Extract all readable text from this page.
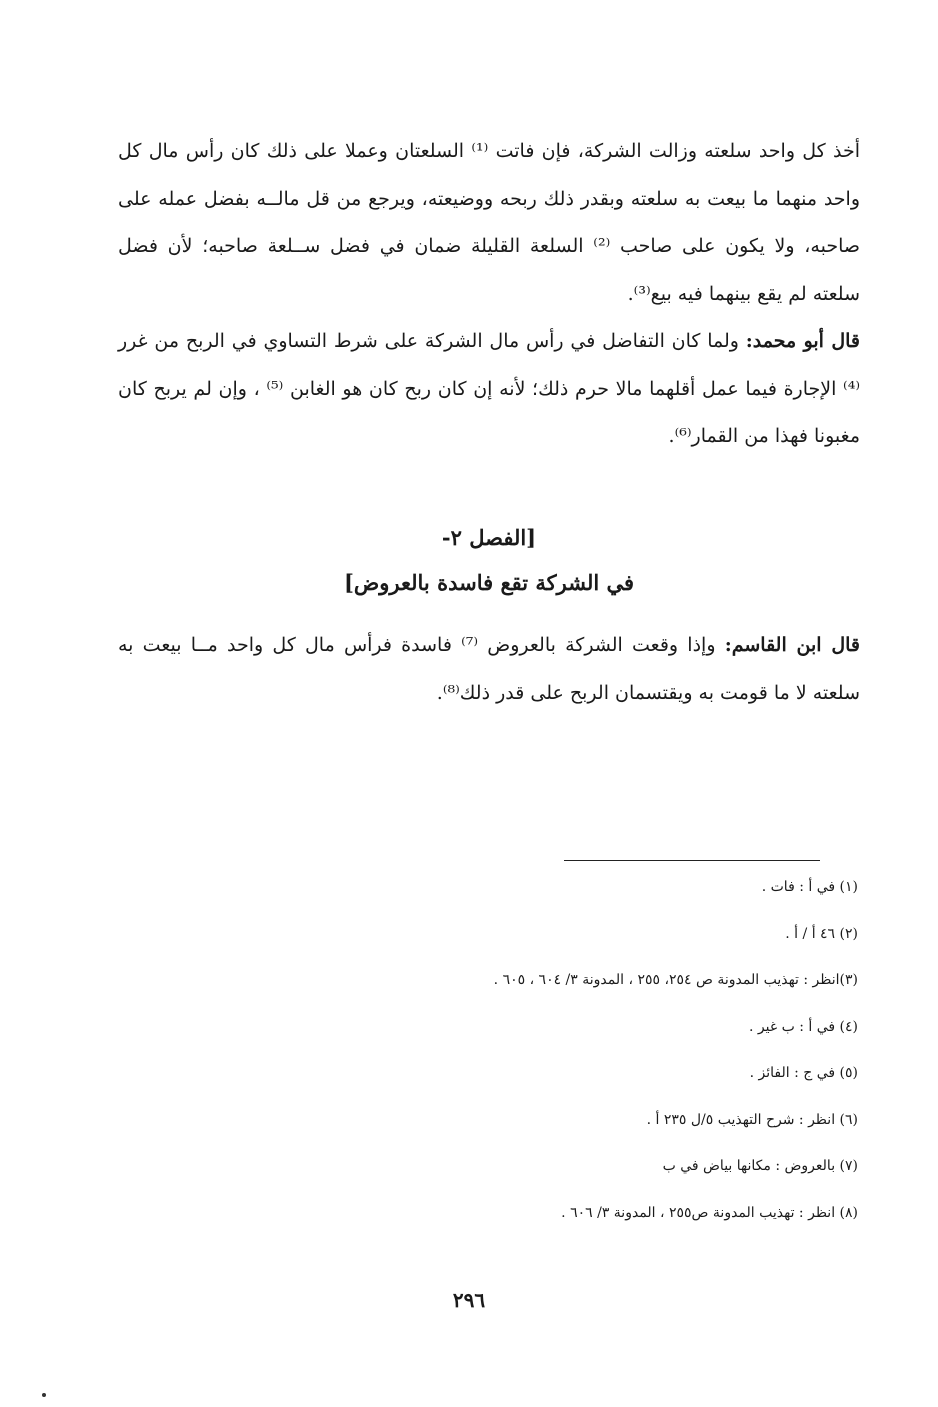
أخذ كل واحد سلعته وزالت الشركة، فإن فاتت ⁽¹⁾ السلعتان وعملا على ذلك كان رأس مال كل واحد منهما ما بيعت به سلعته وبقدر ذلك ربحه ووضيعته، ويرجع من قل مالــه بفضل عمله على صاحبه، ولا يكون على صاحب ⁽²⁾ السلعة القليلة ضمان في فضل ســلعة صاحبه؛ لأن فضل سلعته لم يقع بينهما فيه بيع⁽³⁾.

قال أبو محمد: ولما كان التفاضل في رأس مال الشركة على شرط التساوي في الربح من غرر ⁽⁴⁾ الإجارة فيما عمل أقلهما مالا حرم ذلك؛ لأنه إن كان ربح كان هو الغابن ⁽⁵⁾ ، وإن لم يربح كان مغبونا فهذا من القمار⁽⁶⁾.

[الفصل ٢-
في الشركة تقع فاسدة بالعروض]
قال ابن القاسم: وإذا وقعت الشركة بالعروض ⁽⁷⁾ فاسدة فرأس مال كل واحد مــا بيعت به سلعته لا ما قومت به ويقتسمان الربح على قدر ذلك⁽⁸⁾.

(١) في أ : فات .

(٢) ٤٦ أ / أ .

(٣)انظر : تهذيب المدونة ص ٢٥٤، ٢٥٥ ، المدونة ٣/ ٦٠٤ ، ٦٠٥ .

(٤) في أ : ب غير .

(٥) في ج : الفائز .

(٦) انظر : شرح التهذيب ٥/ل ٢٣٥ أ .

(٧) بالعروض : مكانها بياض في ب

(٨) انظر : تهذيب المدونة ص٢٥٥ ، المدونة ٣/ ٦٠٦ .

٢٩٦
